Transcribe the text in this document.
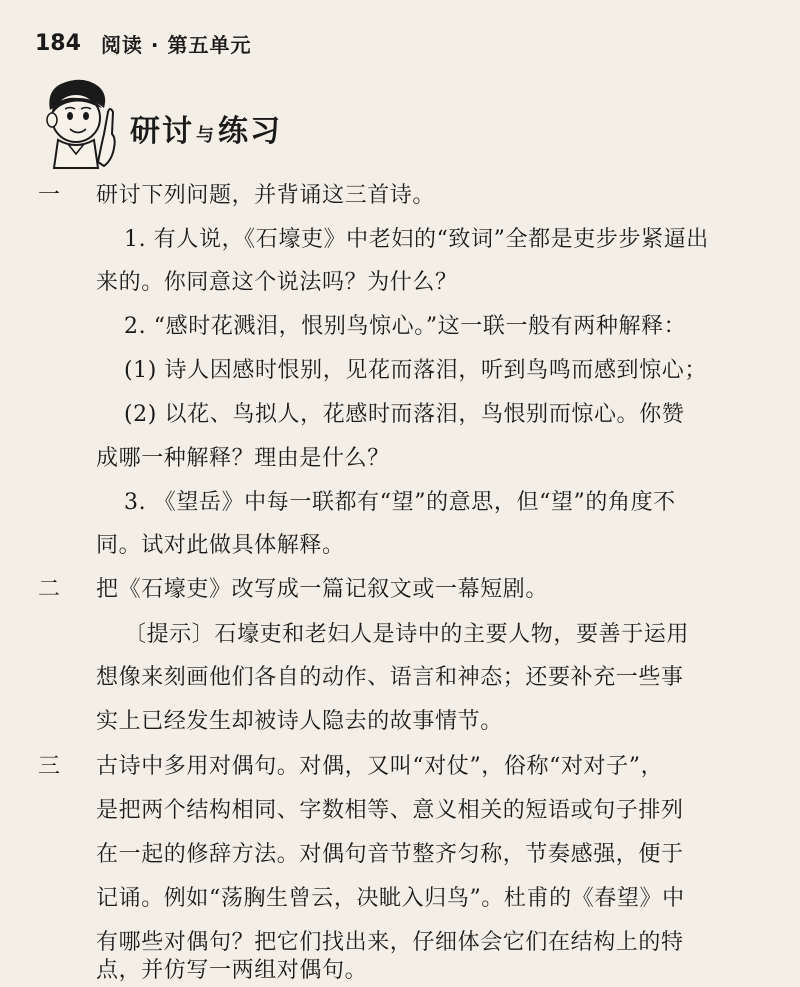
184 阅读 · 第五单元
研讨 与 练习
一 研讨下列问题，并背诵这三首诗。
1. 有人说，《石壕吏》中老妇的“致词”全都是吏步步紧逼出
来的。你同意这个说法吗？为什么？
2. “感时花溅泪，恨别鸟惊心。”这一联一般有两种解释：
(1) 诗人因感时恨别，见花而落泪，听到鸟鸣而感到惊心；
(2) 以花、鸟拟人，花感时而落泪，鸟恨别而惊心。你赞
成哪一种解释？理由是什么？
3. 《望岳》中每一联都有“望”的意思，但“望”的角度不
同。试对此做具体解释。
二 把《石壕吏》改写成一篇记叙文或一幕短剧。
〔提示〕石壕吏和老妇人是诗中的主要人物，要善于运用
想像来刻画他们各自的动作、语言和神态；还要补充一些事
实上已经发生却被诗人隐去的故事情节。
三 古诗中多用对偶句。对偶，又叫“对仗”，俗称“对对子”，
是把两个结构相同、字数相等、意义相关的短语或句子排列
在一起的修辞方法。对偶句音节整齐匀称，节奏感强，便于
记诵。例如“荡胸生曾云，决眦入归鸟”。杜甫的《春望》中
有哪些对偶句？把它们找出来，仔细体会它们在结构上的特
点，并仿写一两组对偶句。
